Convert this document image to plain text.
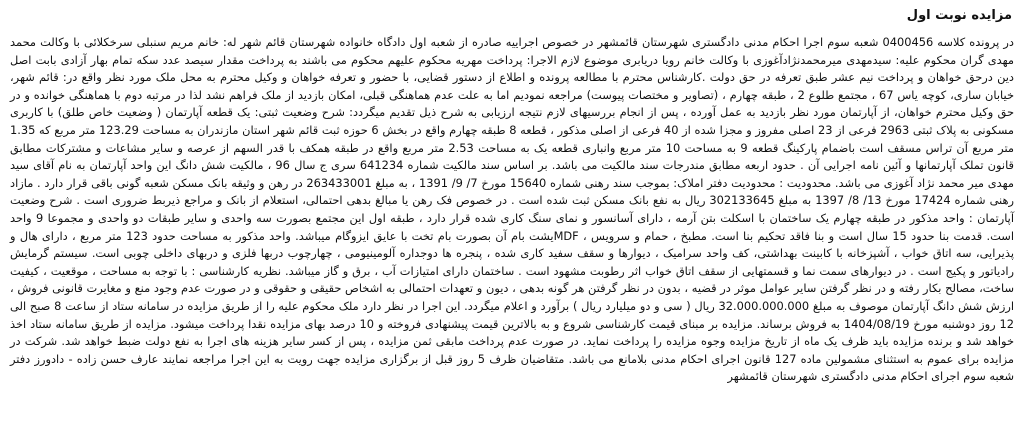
مزایده نوبت اول

در پرونده کلاسه 0400456 شعبه سوم اجرا احکام مدنی دادگستری شهرستان قائمشهر در خصوص اجراییه صادره از شعبه اول دادگاه خانواده شهرستان قائم شهر له: خانم مریم سنبلی سرخکلائی با وکالت محمد مهدی گران محکوم علیه: سیدمهدی میرمحمدنژادآغوزی با وکالت خانم رویا دریابری موضوع لازم الاجرا: پرداخت مهریه محکوم علیهم محکوم می باشند به پرداخت مقدار سیصد عدد سکه تمام بهار آزادی بابت اصل دین درحق خواهان و پرداخت نیم عشر طبق تعرفه در حق دولت .کارشناس محترم با مطالعه پرونده و اطلاع از دستور قضایی، با حضور و تعرفه خواهان و وکیل محترم به محل ملک مورد نظر واقع در: قائم شهر، خیابان ساری، کوچه یاس 67 ، مجتمع طلوع 2 ، طبقه چهارم ، (تصاویر و مختصات پیوست) مراجعه نمودیم اما به علت عدم هماهنگی قبلی، امکان بازدید از ملک فراهم نشد لذا در مرتبه دوم با هماهنگی خوانده و در حق وکیل محترم خواهان، از آپارتمان مورد نظر بازدید به عمل آورده ، پس از انجام بررسیهای لازم نتیجه ارزیابی به شرح ذیل تقدیم میگردد: شرح وضعیت ثبتی: یک قطعه آپارتمان ( وضعیت خاص طلق) با کاربری مسکونی به پلاک ثبتی 2963 فرعی از 23 اصلی مفروز و مجزا شده از 40 فرعی از اصلی مذکور ، قطعه 8 طبقه چهارم واقع در بخش 6 حوزه ثبت قائم شهر استان مازندران به مساحت 123.29 متر مربع که 1.35 متر مربع آن تراس مسقف است باضمام پارکینگ قطعه 9 به مساحت 10 متر مربع وانباری قطعه یک به مساحت 2.53 متر مربع واقع در طبقه همکف با قدر السهم از عرصه و سایر مشاعات و مشترکات مطابق قانون تملک آپارتمانها و آئین نامه اجرایی آن . حدود اربعه مطابق مندرجات سند مالکیت می باشد. بر اساس سند مالکیت شماره 641234 سری ج سال 96 ، مالکیت شش دانگ این واحد آپارتمان به نام آقای سید مهدی میر محمد نژاد آغوزی می باشد. محدودیت : محدودیت دفتر املاک: بموجب سند رهنی شماره 15640 مورخ 7/ 9/ 1391 ، به مبلغ 263433001 در رهن و وثیقه بانک مسکن شعبه گونی باقی قرار دارد . مازاد رهنی شماره 17424 مورخ 13/ 8/ 1397 به مبلغ 302133645 ریال به نفع بانک مسکن ثبت شده است . در خصوص فک رهن یا مبالغ بدهی احتمالی، استعلام از بانک و مراجع ذیربط ضروری است . شرح وضعیت آپارتمان : واحد مذکور در طبقه چهارم یک ساختمان با اسکلت بتن آرمه ، دارای آسانسور و نمای سنگ کاری شده قرار دارد ، طبقه اول این مجتمع بصورت سه واحدی و سایر طبقات دو واحدی و مجموعا 9 واحد است. قدمت بنا حدود 15 سال است و بنا فاقد تحکیم بنا است. مطبخ ، حمام و سرویس ، MDFیشت بام آن بصورت بام تخت با عایق ایزوگام میباشد. واحد مذکور به مساحت حدود 123 متر مربع ، دارای هال و پذیرایی، سه اتاق خواب ، آشپزخانه با کابینت بهداشتی، کف واحد سرامیک ، دیوارها و سقف سفید کاری شده ، پنجره ها دوجداره آلومینیومی ، چهارچوب دربها فلزی و دربهای داخلی چوبی است. سیستم گرمایش رادیاتور و پکیج است . در دیوارهای سمت نما و قسمتهایی از سقف اتاق خواب اثر رطوبت مشهود است . ساختمان دارای امتیازات آب ، برق و گاز میباشد. نظریه کارشناسی : با توجه به مساحت ، موقعیت ، کیفیت ساخت، مصالح بکار رفته و در نظر گرفتن سایر عوامل موثر در قضیه ، بدون در نظر گرفتن هر گونه بدهی ، دیون و تعهدات احتمالی به اشخاص حقیقی و حقوقی و در صورت عدم وجود منع و مغایرت قانونی فروش ، ارزش شش دانگ آپارتمان موصوف به مبلغ 32.000.000.000 ریال ( سی و دو میلیارد ریال ) برآورد و اعلام میگردد. این اجرا در نظر دارد ملک محکوم علیه را از طریق مزایده در سامانه ستاد از ساعت 8 صبح الی 12 روز دوشنبه مورخ 1404/08/19 به فروش برساند. مزایده بر مبنای قیمت کارشناسی شروع و به بالاترین قیمت پیشنهادی فروخته و 10 درصد بهای مزایده نقدا پرداخت میشود. مزایده از طریق سامانه ستاد اخذ خواهد شد و برنده مزایده باید ظرف یک ماه از تاریخ مزایده وجوه مزایده را پرداخت نماید. در صورت عدم پرداخت مابقی ثمن مزایده ، پس از کسر سایر هزینه های اجرا به نفع دولت ضبط خواهد شد. شرکت در مزایده برای عموم به استثنای مشمولین ماده 127 قانون اجرای احکام مدنی بلامانع می باشد. متقاضیان ظرف 5 روز قبل از برگزاری مزایده جهت رویت به این اجرا مراجعه نمایند عارف حسن زاده - دادورز دفتر شعبه سوم اجرای احکام مدنی دادگستری شهرستان قائمشهر
